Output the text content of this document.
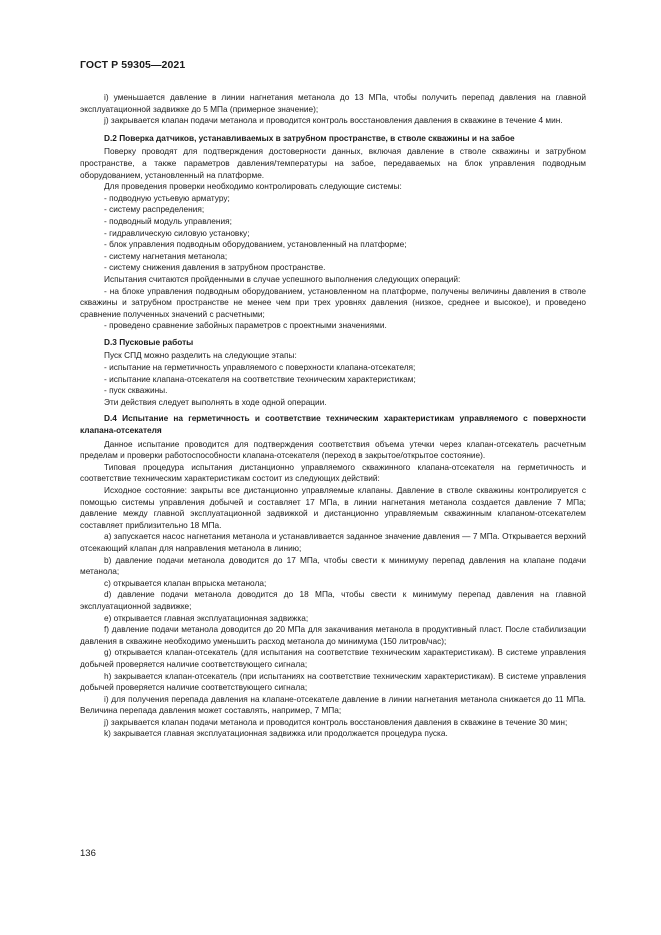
ГОСТ Р 59305—2021

i) уменьшается давление в линии нагнетания метанола до 13 МПа, чтобы получить перепад давления на главной эксплуатационной задвижке до 5 МПа (примерное значение);

j) закрывается клапан подачи метанола и проводится контроль восстановления давления в скважине в течение 4 мин.

D.2 Поверка датчиков, устанавливаемых в затрубном пространстве, в стволе скважины и на забое

Поверку проводят для подтверждения достоверности данных, включая давление в стволе скважины и затрубном пространстве, а также параметров давления/температуры на забое, передаваемых на блок управления подводным оборудованием, установленный на платформе.

Для проведения проверки необходимо контролировать следующие системы:

- подводную устьевую арматуру;

- систему распределения;

- подводный модуль управления;

- гидравлическую силовую установку;

- блок управления подводным оборудованием, установленный на платформе;

- систему нагнетания метанола;

- систему снижения давления в затрубном пространстве.

Испытания считаются пройденными в случае успешного выполнения следующих операций:

- на блоке управления подводным оборудованием, установленном на платформе, получены величины давления в стволе скважины и затрубном пространстве не менее чем при трех уровнях давления (низкое, среднее и высокое), и проведено сравнение полученных значений с расчетными;

- проведено сравнение забойных параметров с проектными значениями.

D.3 Пусковые работы

Пуск СПД можно разделить на следующие этапы:

- испытание на герметичность управляемого с поверхности клапана-отсекателя;

- испытание клапана-отсекателя на соответствие техническим характеристикам;

- пуск скважины.

Эти действия следует выполнять в ходе одной операции.

D.4 Испытание на герметичность и соответствие техническим характеристикам управляемого с поверхности клапана-отсекателя

Данное испытание проводится для подтверждения соответствия объема утечки через клапан-отсекатель расчетным пределам и проверки работоспособности клапана-отсекателя (переход в закрытое/открытое состояние).

Типовая процедура испытания дистанционно управляемого скважинного клапана-отсекателя на герметичность и соответствие техническим характеристикам состоит из следующих действий:

Исходное состояние: закрыты все дистанционно управляемые клапаны. Давление в стволе скважины контролируется с помощью системы управления добычей и составляет 17 МПа, в линии нагнетания метанола создается давление 7 МПа; давление между главной эксплуатационной задвижкой и дистанционно управляемым скважинным клапаном-отсекателем составляет приблизительно 18 МПа.

a) запускается насос нагнетания метанола и устанавливается заданное значение давления — 7 МПа. Открывается верхний отсекающий клапан для направления метанола в линию;

b) давление подачи метанола доводится до 17 МПа, чтобы свести к минимуму перепад давления на клапане подачи метанола;

c) открывается клапан впрыска метанола;

d) давление подачи метанола доводится до 18 МПа, чтобы свести к минимуму перепад давления на главной эксплуатационной задвижке;

e) открывается главная эксплуатационная задвижка;

f) давление подачи метанола доводится до 20 МПа для закачивания метанола в продуктивный пласт. После стабилизации давления в скважине необходимо уменьшить расход метанола до минимума (150 литров/час);

g) открывается клапан-отсекатель (для испытания на соответствие техническим характеристикам). В системе управления добычей проверяется наличие соответствующего сигнала;

h) закрывается клапан-отсекатель (при испытаниях на соответствие техническим характеристикам). В системе управления добычей проверяется наличие соответствующего сигнала;

i) для получения перепада давления на клапане-отсекателе давление в линии нагнетания метанола снижается до 11 МПа. Величина перепада давления может составлять, например, 7 МПа;

j) закрывается клапан подачи метанола и проводится контроль восстановления давления в скважине в течение 30 мин;

k) закрывается главная эксплуатационная задвижка или продолжается процедура пуска.

136
